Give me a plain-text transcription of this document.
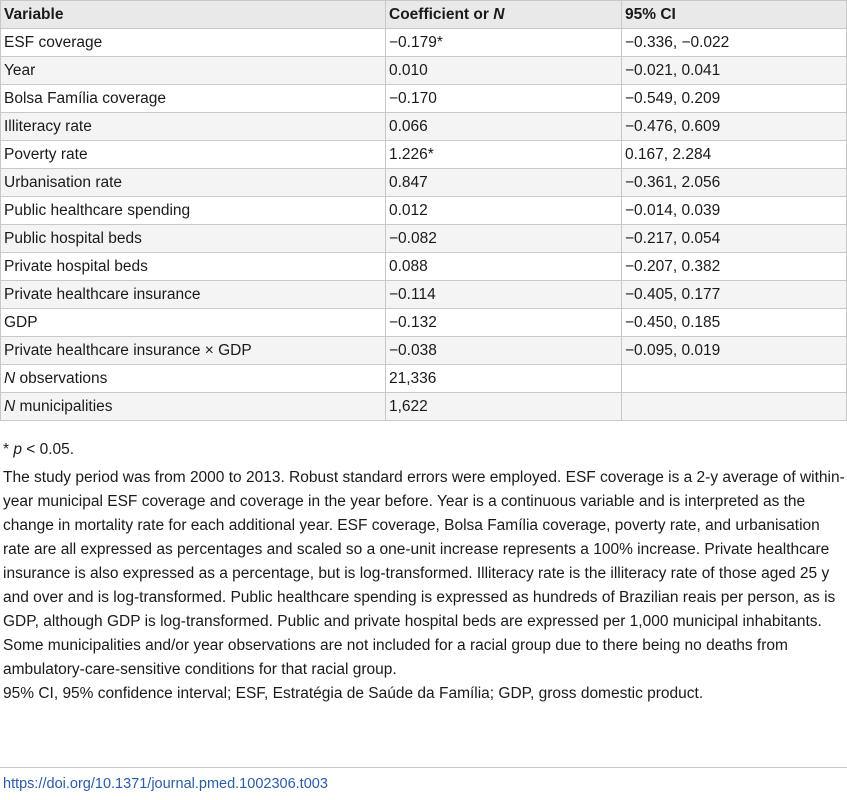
Variable	Coefficient or N	95% CI
ESF coverage	−0.179*	−0.336, −0.022
Year	0.010	−0.021, 0.041
Bolsa Família coverage	−0.170	−0.549, 0.209
Illiteracy rate	0.066	−0.476, 0.609
Poverty rate	1.226*	0.167, 2.284
Urbanisation rate	0.847	−0.361, 2.056
Public healthcare spending	0.012	−0.014, 0.039
Public hospital beds	−0.082	−0.217, 0.054
Private hospital beds	0.088	−0.207, 0.382
Private healthcare insurance	−0.114	−0.405, 0.177
GDP	−0.132	−0.450, 0.185
Private healthcare insurance × GDP	−0.038	−0.095, 0.019
N observations	21,336	
N municipalities	1,622	

* p < 0.05.

The study period was from 2000 to 2013. Robust standard errors were employed. ESF coverage is a 2-y average of within-year municipal ESF coverage and coverage in the year before. Year is a continuous variable and is interpreted as the change in mortality rate for each additional year. ESF coverage, Bolsa Família coverage, poverty rate, and urbanisation rate are all expressed as percentages and scaled so a one-unit increase represents a 100% increase. Private healthcare insurance is also expressed as a percentage, but is log-transformed. Illiteracy rate is the illiteracy rate of those aged 25 y and over and is log-transformed. Public healthcare spending is expressed as hundreds of Brazilian reais per person, as is GDP, although GDP is log-transformed. Public and private hospital beds are expressed per 1,000 municipal inhabitants. Some municipalities and/or year observations are not included for a racial group due to there being no deaths from ambulatory-care-sensitive conditions for that racial group.

95% CI, 95% confidence interval; ESF, Estratégia de Saúde da Família; GDP, gross domestic product.

https://doi.org/10.1371/journal.pmed.1002306.t003
